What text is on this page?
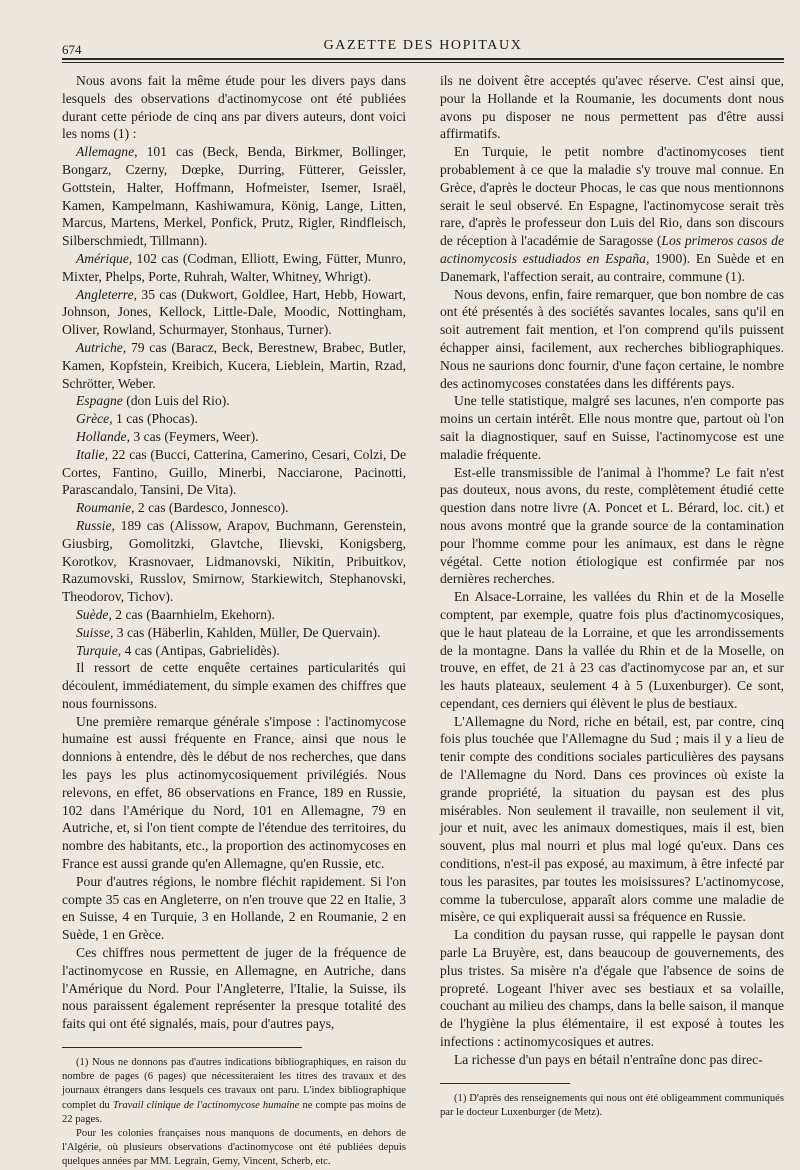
674	GAZETTE DES HOPITAUX

Nous avons fait la même étude pour les divers pays dans lesquels des observations d'actinomycose ont été publiées durant cette période de cinq ans par divers auteurs, dont voici les noms (1) :

Allemagne, 101 cas (Beck, Benda, Birkmer, Bollinger, Bongarz, Czerny, Dœpke, Durring, Fütterer, Geissler, Gottstein, Halter, Hoffmann, Hofmeister, Isemer, Israël, Kamen, Kampelmann, Kashiwamura, König, Lange, Litten, Marcus, Martens, Merkel, Ponfick, Prutz, Rigler, Rindfleisch, Silberschmiedt, Tillmann).

Amérique, 102 cas (Codman, Elliott, Ewing, Fütter, Munro, Mixter, Phelps, Porte, Ruhrah, Walter, Whitney, Whrigt).

Angleterre, 35 cas (Dukwort, Goldlee, Hart, Hebb, Howart, Johnson, Jones, Kellock, Little-Dale, Moodic, Nottingham, Oliver, Rowland, Schurmayer, Stonhaus, Turner).

Autriche, 79 cas (Baracz, Beck, Berestnew, Brabec, Butler, Kamen, Kopfstein, Kreibich, Kucera, Lieblein, Martin, Rzad, Schrötter, Weber.

Espagne (don Luis del Rio).

Grèce, 1 cas (Phocas).

Hollande, 3 cas (Feymers, Weer).

Italie, 22 cas (Bucci, Catterina, Camerino, Cesari, Colzi, De Cortes, Fantino, Guillo, Minerbi, Nacciarone, Pacinotti, Parascandalo, Tansini, De Vita).

Roumanie, 2 cas (Bardesco, Jonnesco).

Russie, 189 cas (Alissow, Arapov, Buchmann, Gerenstein, Giusbirg, Gomolitzki, Glavtche, Ilievski, Konigsberg, Korotkov, Krasnovaer, Lidmanovski, Nikitin, Pribuitkov, Razumovski, Russlov, Smirnow, Starkiewitch, Stephanovski, Theodorov, Tichov).

Suède, 2 cas (Baarnhielm, Ekehorn).

Suisse, 3 cas (Häberlin, Kahlden, Müller, De Quervain).

Turquie, 4 cas (Antipas, Gabrielidès).

Il ressort de cette enquête certaines particularités qui découlent, immédiatement, du simple examen des chiffres que nous fournissons.

Une première remarque générale s'impose : l'actinomycose humaine est aussi fréquente en France, ainsi que nous le donnions à entendre, dès le début de nos recherches, que dans les pays les plus actinomycosiquement privilégiés. Nous relevons, en effet, 86 observations en France, 189 en Russie, 102 dans l'Amérique du Nord, 101 en Allemagne, 79 en Autriche, et, si l'on tient compte de l'étendue des territoires, du nombre des habitants, etc., la proportion des actinomycoses en France est aussi grande qu'en Allemagne, qu'en Russie, etc.

Pour d'autres régions, le nombre fléchit rapidement. Si l'on compte 35 cas en Angleterre, on n'en trouve que 22 en Italie, 3 en Suisse, 4 en Turquie, 3 en Hollande, 2 en Roumanie, 2 en Suède, 1 en Grèce.

Ces chiffres nous permettent de juger de la fréquence de l'actinomycose en Russie, en Allemagne, en Autriche, dans l'Amérique du Nord. Pour l'Angleterre, l'Italie, la Suisse, ils nous paraissent également représenter la presque totalité des faits qui ont été signalés, mais, pour d'autres pays,

(1) Nous ne donnons pas d'autres indications bibliographiques, en raison du nombre de pages (6 pages) que nécessiteraient les titres des travaux et des journaux étrangers dans lesquels ces travaux ont paru. L'index bibliographique complet du Travail clinique de l'actinomycose humaine ne compte pas moins de 22 pages.

Pour les colonies françaises nous manquons de documents, en dehors de l'Algérie, où plusieurs observations d'actinomycose ont été publiées depuis quelques années par MM. Legrain, Gemy, Vincent, Scherb, etc.

ils ne doivent être acceptés qu'avec réserve. C'est ainsi que, pour la Hollande et la Roumanie, les documents dont nous avons pu disposer ne nous permettent pas d'être aussi affirmatifs.

En Turquie, le petit nombre d'actinomycoses tient probablement à ce que la maladie s'y trouve mal connue. En Grèce, d'après le docteur Phocas, le cas que nous mentionnons serait le seul observé. En Espagne, l'actinomycose serait très rare, d'après le professeur don Luis del Rio, dans son discours de réception à l'académie de Saragosse (Los primeros casos de actinomycosis estudiados en España, 1900). En Suède et en Danemark, l'affection serait, au contraire, commune (1).

Nous devons, enfin, faire remarquer, que bon nombre de cas ont été présentés à des sociétés savantes locales, sans qu'il en soit autrement fait mention, et l'on comprend qu'ils puissent échapper ainsi, facilement, aux recherches bibliographiques. Nous ne saurions donc fournir, d'une façon certaine, le nombre des actinomycoses constatées dans les différents pays.

Une telle statistique, malgré ses lacunes, n'en comporte pas moins un certain intérêt. Elle nous montre que, partout où l'on sait la diagnostiquer, sauf en Suisse, l'actinomycose est une maladie fréquente.

Est-elle transmissible de l'animal à l'homme? Le fait n'est pas douteux, nous avons, du reste, complètement étudié cette question dans notre livre (A. Poncet et L. Bérard, loc. cit.) et nous avons montré que la grande source de la contamination pour l'homme comme pour les animaux, est dans le règne végétal. Cette notion étiologique est confirmée par nos dernières recherches.

En Alsace-Lorraine, les vallées du Rhin et de la Moselle comptent, par exemple, quatre fois plus d'actinomycosiques, que le haut plateau de la Lorraine, et que les arrondissements de la montagne. Dans la vallée du Rhin et de la Moselle, on trouve, en effet, de 21 à 23 cas d'actinomycose par an, et sur les hauts plateaux, seulement 4 à 5 (Luxenburger). Ce sont, cependant, ces derniers qui élèvent le plus de bestiaux.

L'Allemagne du Nord, riche en bétail, est, par contre, cinq fois plus touchée que l'Allemagne du Sud ; mais il y a lieu de tenir compte des conditions sociales particulières des paysans de l'Allemagne du Nord. Dans ces provinces où existe la grande propriété, la situation du paysan est des plus misérables. Non seulement il travaille, non seulement il vit, jour et nuit, avec les animaux domestiques, mais il est, bien souvent, plus mal nourri et plus mal logé qu'eux. Dans ces conditions, n'est-il pas exposé, au maximum, à être infecté par tous les parasites, par toutes les moisissures? L'actinomycose, comme la tuberculose, apparaît alors comme une maladie de misère, ce qui expliquerait aussi sa fréquence en Russie.

La condition du paysan russe, qui rappelle le paysan dont parle La Bruyère, est, dans beaucoup de gouvernements, des plus tristes. Sa misère n'a d'égale que l'absence de soins de propreté. Logeant l'hiver avec ses bestiaux et sa volaille, couchant au milieu des champs, dans la belle saison, il manque de l'hygiène la plus élémentaire, il est exposé à toutes les infections : actinomycosiques et autres.

La richesse d'un pays en bétail n'entraîne donc pas direc-

(1) D'après des renseignements qui nous ont été obligeamment communiqués par le docteur Luxenburger (de Metz).
